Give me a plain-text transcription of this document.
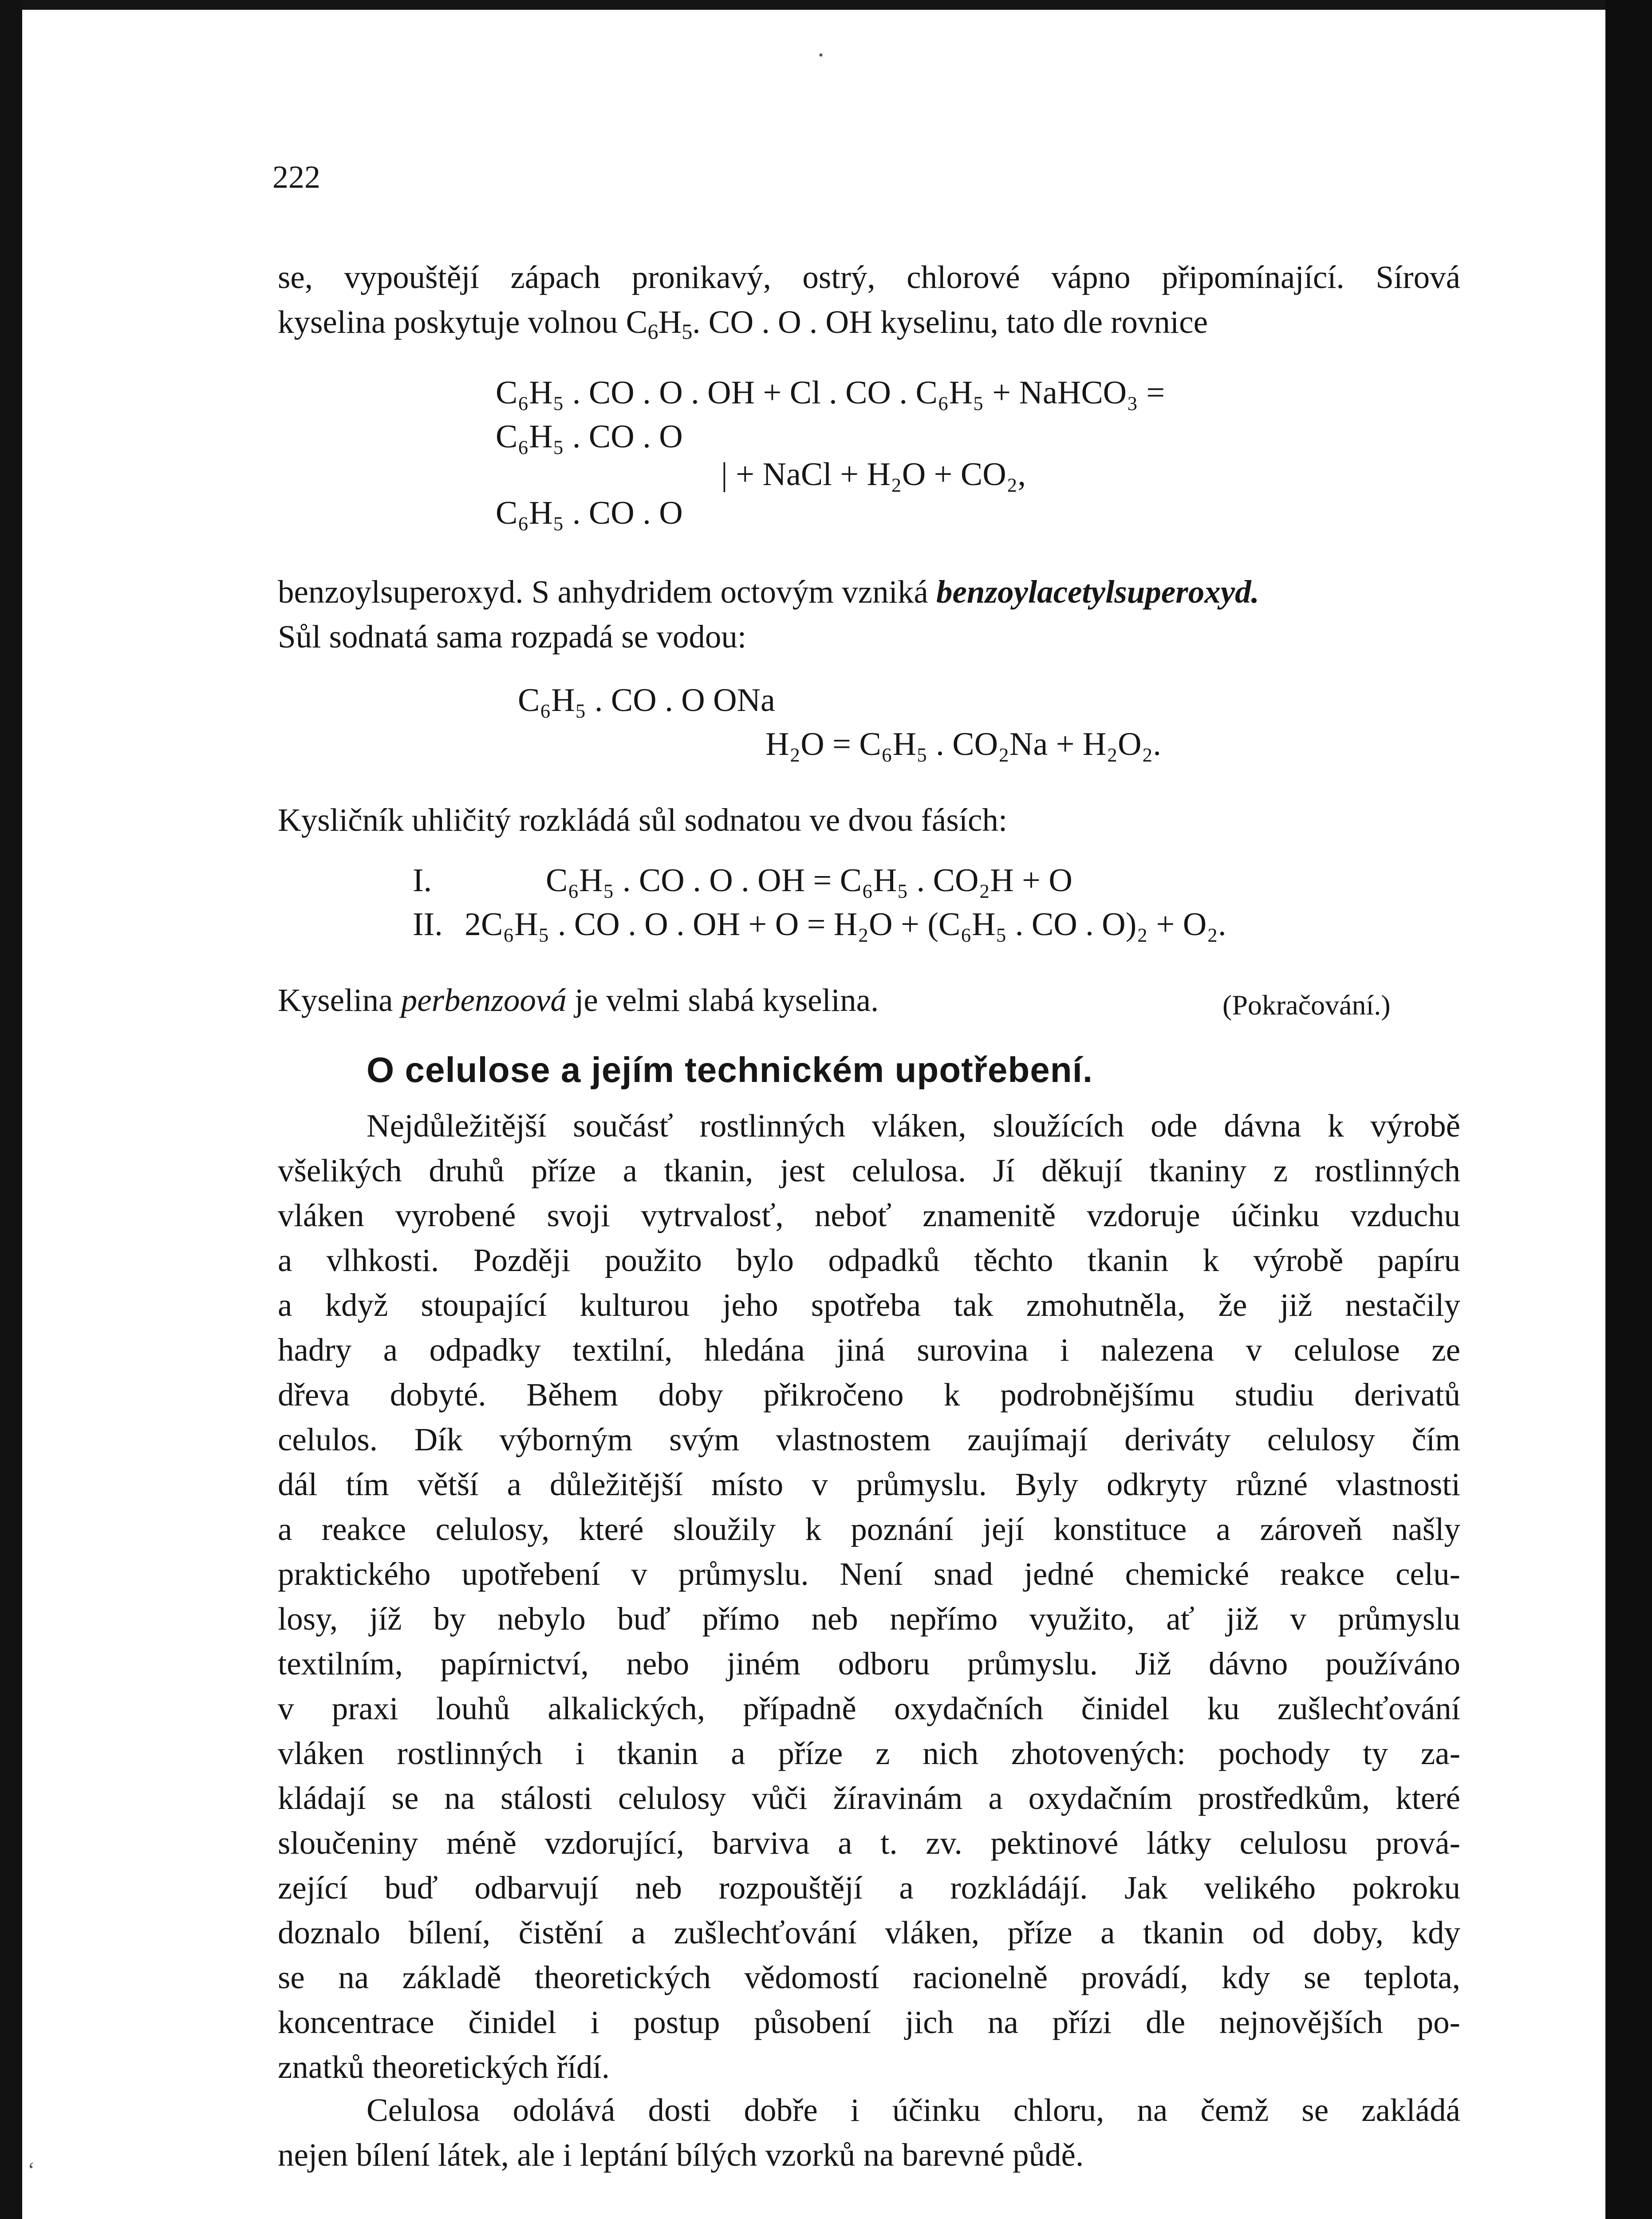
·
ʻ
222
se, vypouštějí zápach pronikavý, ostrý, chlorové vápno připomínající. Sírová
kyselina poskytuje volnou $C_6H_5$. CO . O . OH kyselinu, tato dle rovnice
C₆H₅ . CO . O . OH + Cl . CO . C₆H₅ + NaHCO₃ =
C₆H₅ . CO . O
| + NaCl + H₂O + CO₂,
C₆H₅ . CO . O
benzoylsuperoxyd. S anhydridem octovým vzniká benzoylacetylsuperoxyd.
Sůl sodnatá sama rozpadá se vodou:
C₆H₅ . CO . O ONa
H₂O = C₆H₅ . CO₂Na + H₂O₂.
Kysličník uhličitý rozkládá sůl sodnatou ve dvou fásích:
I.	C₆H₅ . CO . O . OH = C₆H₅ . CO₂H + O
II. 2C₆H₅ . CO . O . OH + O = H₂O + (C₆H₅ . CO . O)₂ + O₂.
Kyselina perbenzoová je velmi slabá kyselina.	(Pokračování.)
O celulose a jejím technickém upotřebení.
Nejdůležitější součásť rostlinných vláken, sloužících ode dávna k výrobě
všelikých druhů příze a tkanin, jest celulosa. Jí děkují tkaniny z rostlinných
vláken vyrobené svoji vytrvalosť, neboť znamenitě vzdoruje účinku vzduchu
a vlhkosti. Později použito bylo odpadků těchto tkanin k výrobě papíru
a když stoupající kulturou jeho spotřeba tak zmohutněla, že již nestačily
hadry a odpadky textilní, hledána jiná surovina i nalezena v celulose ze
dřeva dobyté. Během doby přikročeno k podrobnějšímu studiu derivatů
celulos. Dík výborným svým vlastnostem zaujímají deriváty celulosy čím
dál tím větší a důležitější místo v průmyslu. Byly odkryty různé vlastnosti
a reakce celulosy, které sloužily k poznání její konstituce a zároveň našly
praktického upotřebení v průmyslu. Není snad jedné chemické reakce celu-
losy, jíž by nebylo buď přímo neb nepřímo využito, ať již v průmyslu
textilním, papírnictví, nebo jiném odboru průmyslu. Již dávno používáno
v praxi louhů alkalických, případně oxydačních činidel ku zušlechťování
vláken rostlinných i tkanin a příze z nich zhotovených: pochody ty za-
kládají se na stálosti celulosy vůči žíravinám a oxydačním prostředkům, které
sloučeniny méně vzdorující, barviva a t. zv. pektinové látky celulosu prová-
zející buď odbarvují neb rozpouštějí a rozkládájí. Jak velikého pokroku
doznalo bílení, čistění a zušlechťování vláken, příze a tkanin od doby, kdy
se na základě theoretických vědomostí racionelně provádí, kdy se teplota,
koncentrace činidel i postup působení jich na přízi dle nejnovějších po-
znatků theoretických řídí.
Celulosa odolává dosti dobře i účinku chloru, na čemž se zakládá
nejen bílení látek, ale i leptání bílých vzorků na barevné půdě.
